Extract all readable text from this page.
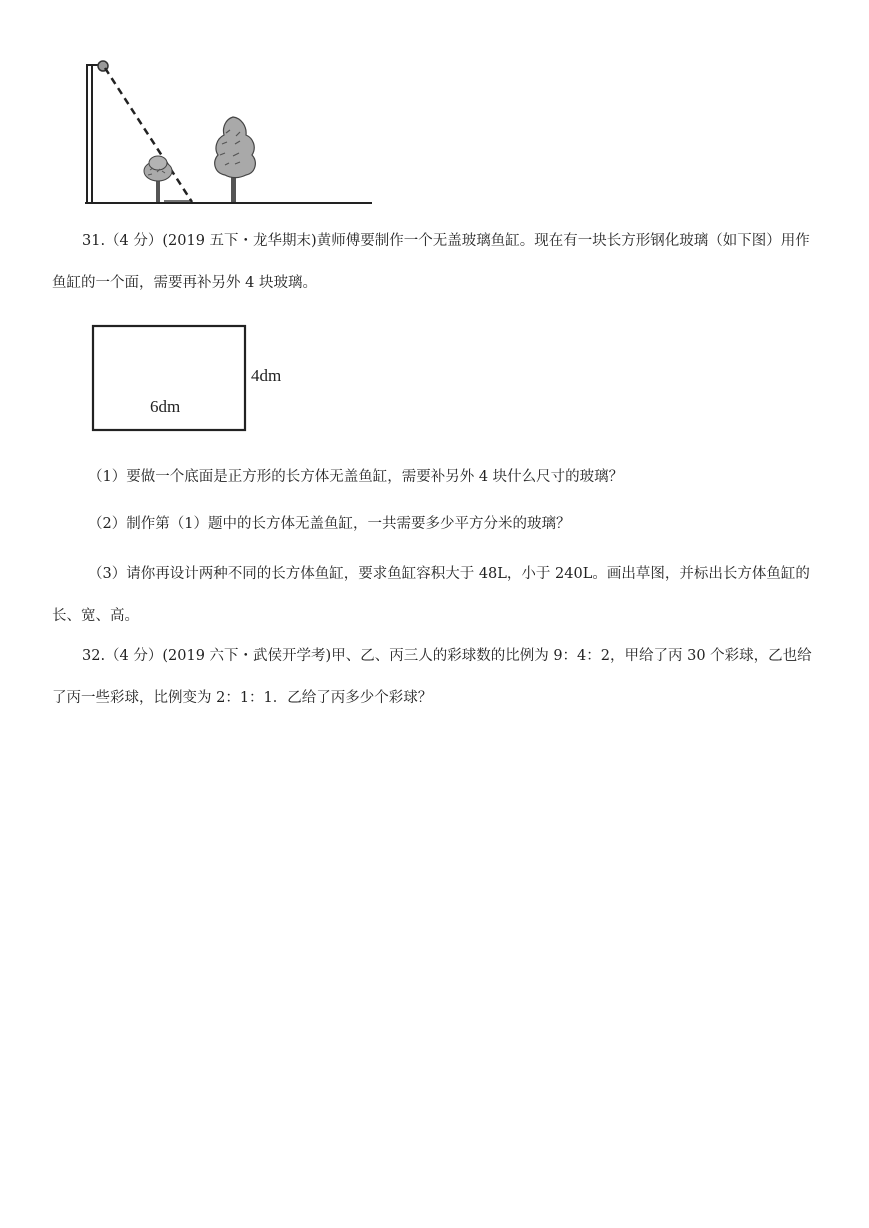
31.（4 分）(2019 五下・龙华期末)黄师傅要制作一个无盖玻璃鱼缸。现在有一块长方形钢化玻璃（如下图）用作鱼缸的一个面，需要再补另外 4 块玻璃。

6dm
4dm

（1）要做一个底面是正方形的长方体无盖鱼缸，需要补另外 4 块什么尺寸的玻璃？

（2）制作第（1）题中的长方体无盖鱼缸，一共需要多少平方分米的玻璃？

（3）请你再设计两种不同的长方体鱼缸，要求鱼缸容积大于 48L，小于 240L。画出草图，并标出长方体鱼缸的长、宽、高。

32.（4 分）(2019 六下・武侯开学考)甲、乙、丙三人的彩球数的比例为 9：4：2，甲给了丙 30 个彩球，乙也给了丙一些彩球，比例变为 2：1：1．乙给了丙多少个彩球？
